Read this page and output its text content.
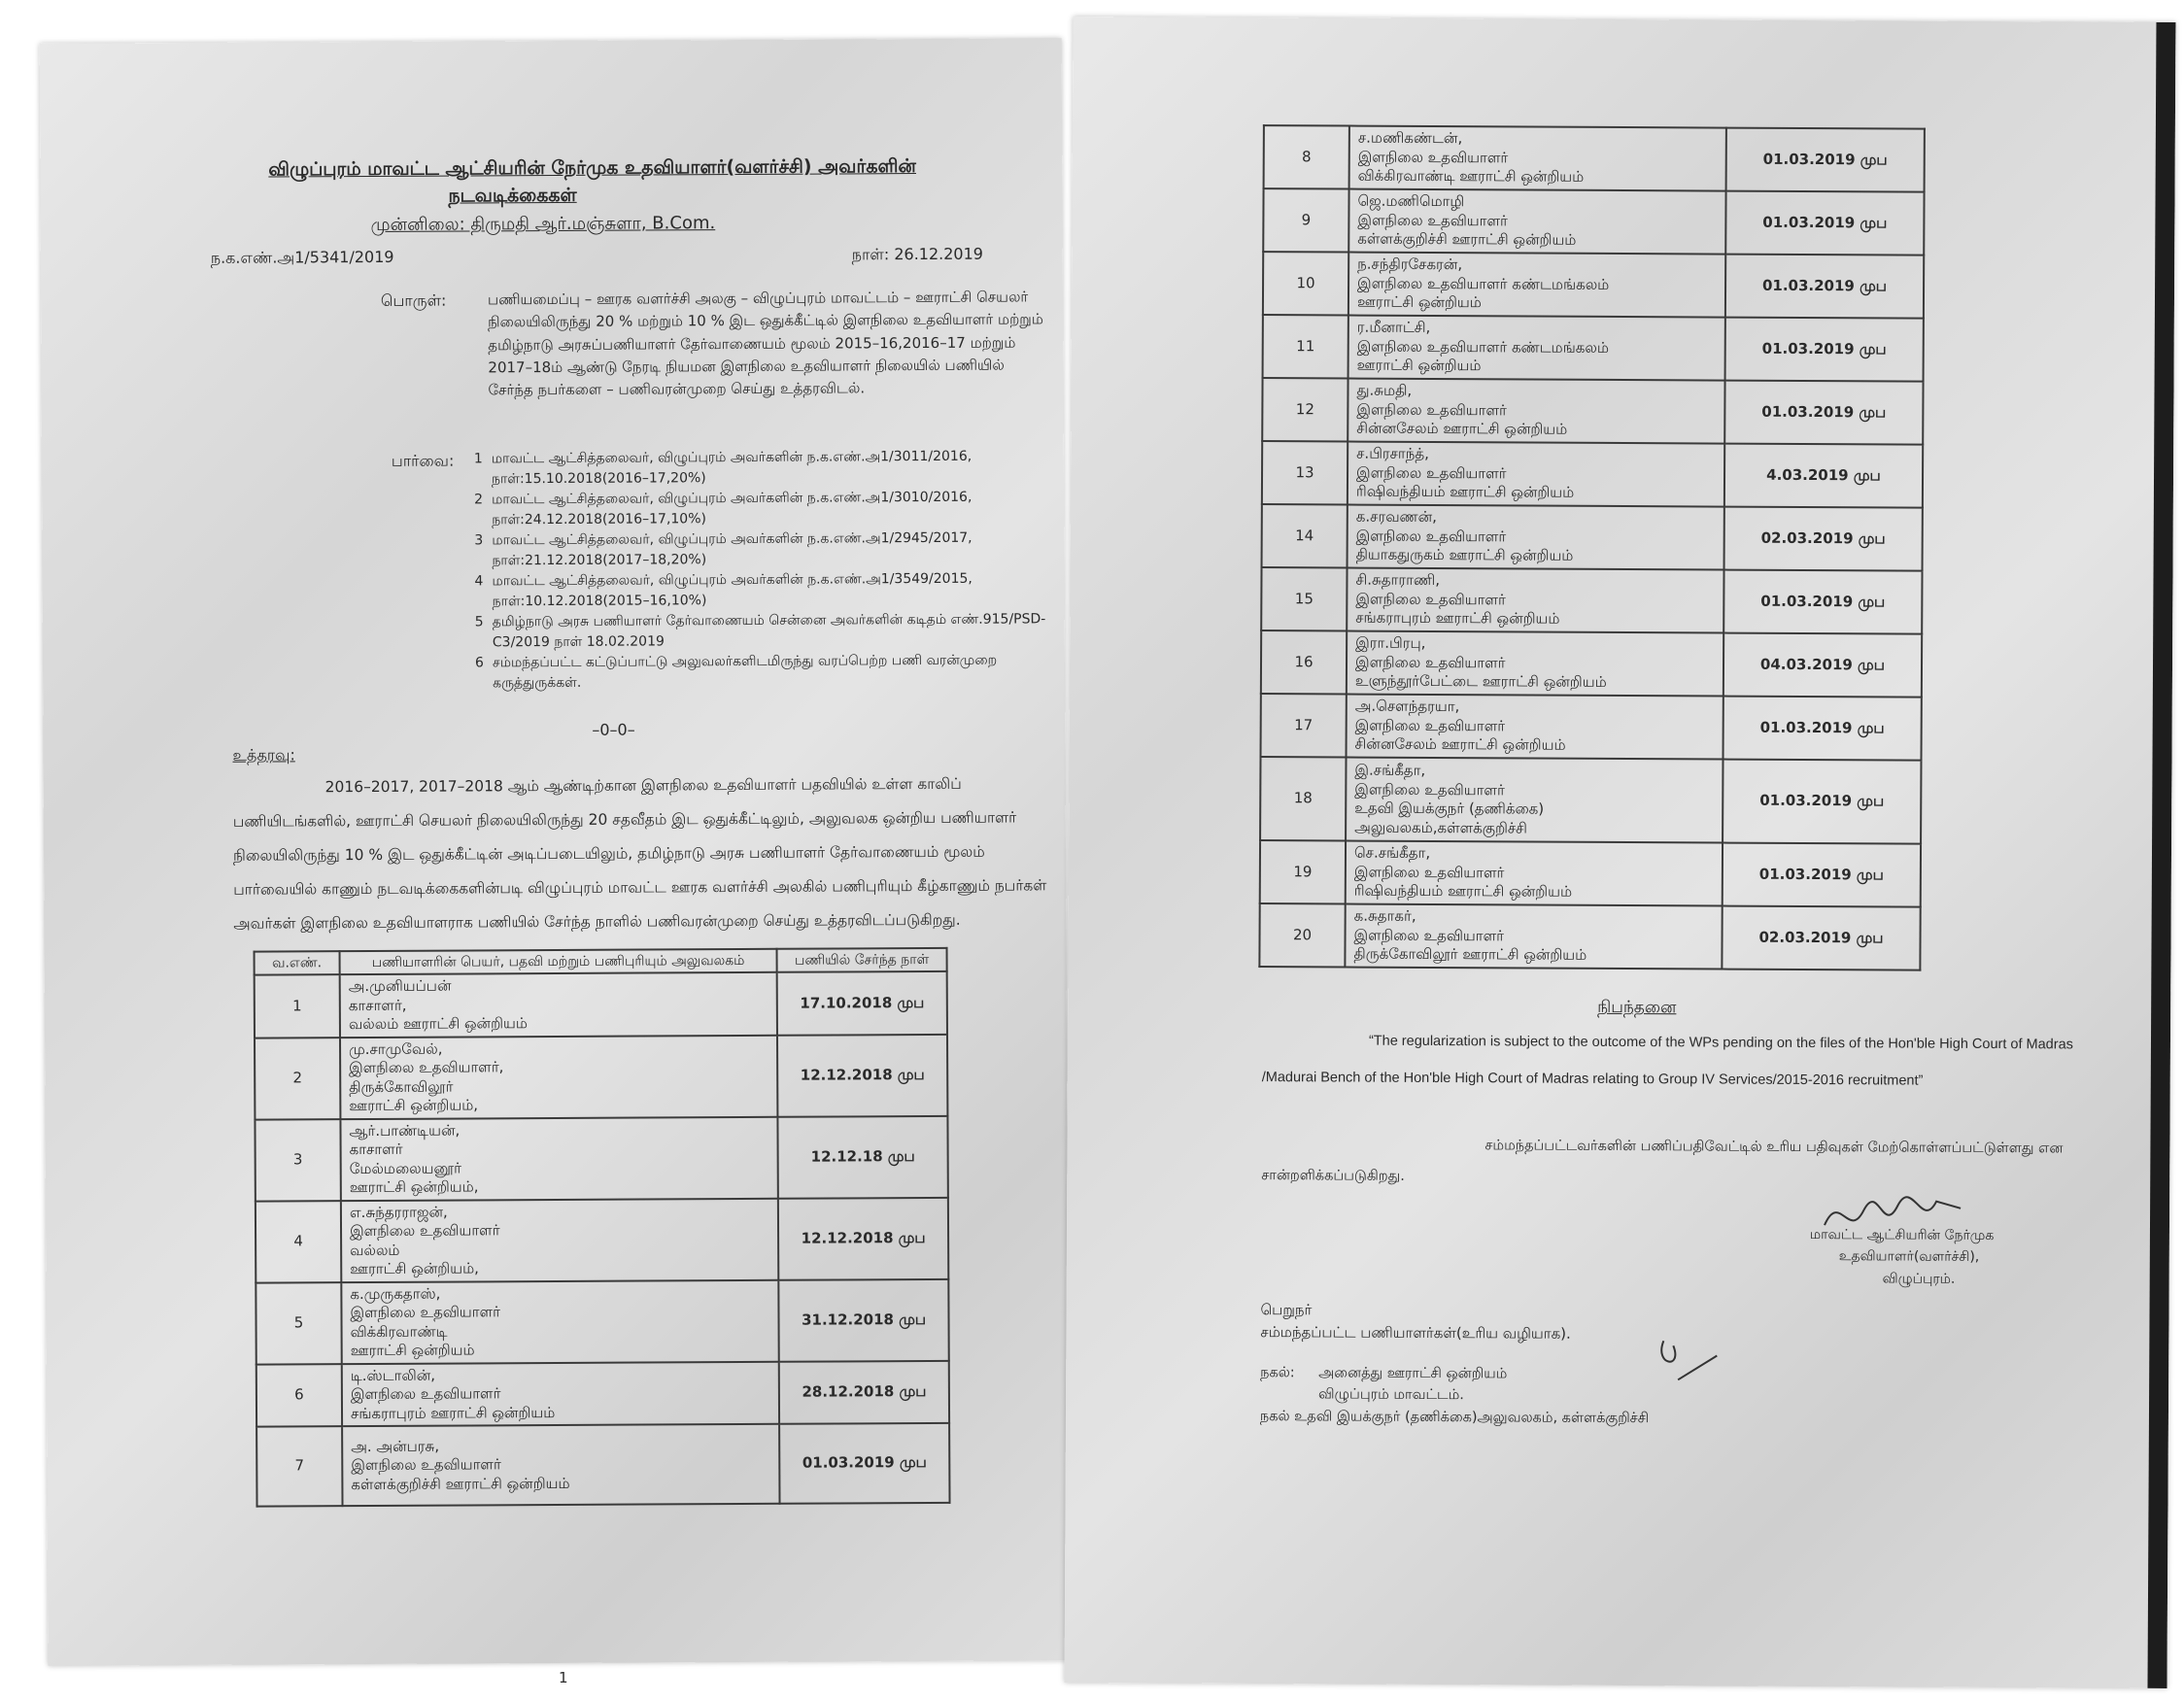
விழுப்புரம் மாவட்ட ஆட்சியரின் நேர்முக உதவியாளர்(வளர்ச்சி) அவர்களின்
நடவடிக்கைகள்
முன்னிலை: திருமதி ஆர்.மஞ்சுளா, B.Com.
ந.க.எண்.அ1/5341/2019	நாள்: 26.12.2019
பொருள்:	பணியமைப்பு – ஊரக வளர்ச்சி அலகு – விழுப்புரம் மாவட்டம் – ஊராட்சி செயலர் நிலையிலிருந்து 20 % மற்றும் 10 % இட ஒதுக்கீட்டில் இளநிலை உதவியாளர் மற்றும் தமிழ்நாடு அரசுப்பணியாளர் தேர்வாணையம் மூலம் 2015–16,2016–17 மற்றும் 2017–18ம் ஆண்டு நேரடி நியமன இளநிலை உதவியாளர் நிலையில் பணியில் சேர்ந்த நபர்களை – பணிவரன்முறை செய்து உத்தரவிடல்.
பார்வை: 1 மாவட்ட ஆட்சித்தலைவர், விழுப்புரம் அவர்களின் ந.க.எண்.அ1/3011/2016, நாள்:15.10.2018(2016–17,20%)
2 மாவட்ட ஆட்சித்தலைவர், விழுப்புரம் அவர்களின் ந.க.எண்.அ1/3010/2016, நாள்:24.12.2018(2016–17,10%)
3 மாவட்ட ஆட்சித்தலைவர், விழுப்புரம் அவர்களின் ந.க.எண்.அ1/2945/2017, நாள்:21.12.2018(2017–18,20%)
4 மாவட்ட ஆட்சித்தலைவர், விழுப்புரம் அவர்களின் ந.க.எண்.அ1/3549/2015, நாள்:10.12.2018(2015–16,10%)
5 தமிழ்நாடு அரசு பணியாளர் தேர்வாணையம் சென்னை அவர்களின் கடிதம் எண்.915/PSD-C3/2019 நாள் 18.02.2019
6 சம்மந்தப்பட்ட கட்டுப்பாட்டு அலுவலர்களிடமிருந்து வரப்பெற்ற பணி வரன்முறை கருத்துருக்கள்.
–0–0–
உத்தரவு:
2016–2017, 2017–2018 ஆம் ஆண்டிற்கான இளநிலை உதவியாளர் பதவியில் உள்ள காலிப் பணியிடங்களில், ஊராட்சி செயலர் நிலையிலிருந்து 20 சதவீதம் இட ஒதுக்கீட்டிலும், அலுவலக ஒன்றிய பணியாளர் நிலையிலிருந்து 10 % இட ஒதுக்கீட்டின் அடிப்படையிலும், தமிழ்நாடு அரசு பணியாளர் தேர்வாணையம் மூலம் பார்வையில் காணும் நடவடிக்கைகளின்படி விழுப்புரம் மாவட்ட ஊரக வளர்ச்சி அலகில் பணிபுரியும் கீழ்காணும் நபர்கள் அவர்கள் இளநிலை உதவியாளராக பணியில் சேர்ந்த நாளில் பணிவரன்முறை செய்து உத்தரவிடப்படுகிறது.
வ.எண்.	பணியாளரின் பெயர், பதவி மற்றும் பணிபுரியும் அலுவலகம்	பணியில் சேர்ந்த நாள்
1	அ.முனியப்பன்
காசாளர்,
வல்லம் ஊராட்சி ஒன்றியம்	17.10.2018 முப
2	மு.சாமுவேல்,
இளநிலை உதவியாளர்,
திருக்கோவிலூர்
ஊராட்சி ஒன்றியம்,	12.12.2018 முப
3	ஆர்.பாண்டியன்,
காசாளர்
மேல்மலையனூர்
ஊராட்சி ஒன்றியம்,	12.12.18 முப
4	எ.சுந்தரராஜன்,
இளநிலை உதவியாளர்
வல்லம்
ஊராட்சி ஒன்றியம்,	12.12.2018 முப
5	க.முருகதாஸ்,
இளநிலை உதவியாளர்
விக்கிரவாண்டி
ஊராட்சி ஒன்றியம்	31.12.2018 முப
6	டி.ஸ்டாலின்,
இளநிலை உதவியாளர்
சங்கராபுரம் ஊராட்சி ஒன்றியம்	28.12.2018 முப
7	அ. அன்பரசு,
இளநிலை உதவியாளர்
கள்ளக்குறிச்சி ஊராட்சி ஒன்றியம்	01.03.2019 முப
8	ச.மணிகண்டன்,
இளநிலை உதவியாளர்
விக்கிரவாண்டி ஊராட்சி ஒன்றியம்	01.03.2019 முப
9	ஜெ.மணிமொழி
இளநிலை உதவியாளர்
கள்ளக்குறிச்சி ஊராட்சி ஒன்றியம்	01.03.2019 முப
10	ந.சந்திரசேகரன்,
இளநிலை உதவியாளர் கண்டமங்கலம்
ஊராட்சி ஒன்றியம்	01.03.2019 முப
11	ர.மீனாட்சி,
இளநிலை உதவியாளர் கண்டமங்கலம்
ஊராட்சி ஒன்றியம்	01.03.2019 முப
12	து.சுமதி,
இளநிலை உதவியாளர்
சின்னசேலம் ஊராட்சி ஒன்றியம்	01.03.2019 முப
13	ச.பிரசாந்த்,
இளநிலை உதவியாளர்
ரிஷிவந்தியம் ஊராட்சி ஒன்றியம்	4.03.2019 முப
14	க.சரவணன்,
இளநிலை உதவியாளர்
தியாகதுருகம் ஊராட்சி ஒன்றியம்	02.03.2019 முப
15	சி.சுதாராணி,
இளநிலை உதவியாளர்
சங்கராபுரம் ஊராட்சி ஒன்றியம்	01.03.2019 முப
16	இரா.பிரபு,
இளநிலை உதவியாளர்
உளுந்தூர்பேட்டை ஊராட்சி ஒன்றியம்	04.03.2019 முப
17	அ.சௌந்தரயா,
இளநிலை உதவியாளர்
சின்னசேலம் ஊராட்சி ஒன்றியம்	01.03.2019 முப
18	இ.சங்கீதா,
இளநிலை உதவியாளர்
உதவி இயக்குநர் (தணிக்கை)
அலுவலகம்,கள்ளக்குறிச்சி	01.03.2019 முப
19	செ.சங்கீதா,
இளநிலை உதவியாளர்
ரிஷிவந்தியம் ஊராட்சி ஒன்றியம்	01.03.2019 முப
20	க.சுதாகர்,
இளநிலை உதவியாளர்
திருக்கோவிலூர் ஊராட்சி ஒன்றியம்	02.03.2019 முப
நிபந்தனை
“The regularization is subject to the outcome of the WPs pending on the files of the Hon'ble High Court of Madras /Madurai Bench of the Hon'ble High Court of Madras relating to Group IV Services/2015-2016 recruitment”
சம்மந்தப்பட்டவர்களின் பணிப்பதிவேட்டில் உரிய பதிவுகள் மேற்கொள்ளப்பட்டுள்ளது என சான்றளிக்கப்படுகிறது.
மாவட்ட ஆட்சியரின் நேர்முக
உதவியாளர்(வளர்ச்சி),
விழுப்புரம்.
பெறுநர்
சம்மந்தப்பட்ட பணியாளர்கள்(உரிய வழியாக).
நகல்: அனைத்து ஊராட்சி ஒன்றியம்
விழுப்புரம் மாவட்டம்.
நகல் உதவி இயக்குநர் (தணிக்கை)அலுவலகம், கள்ளக்குறிச்சி
1
